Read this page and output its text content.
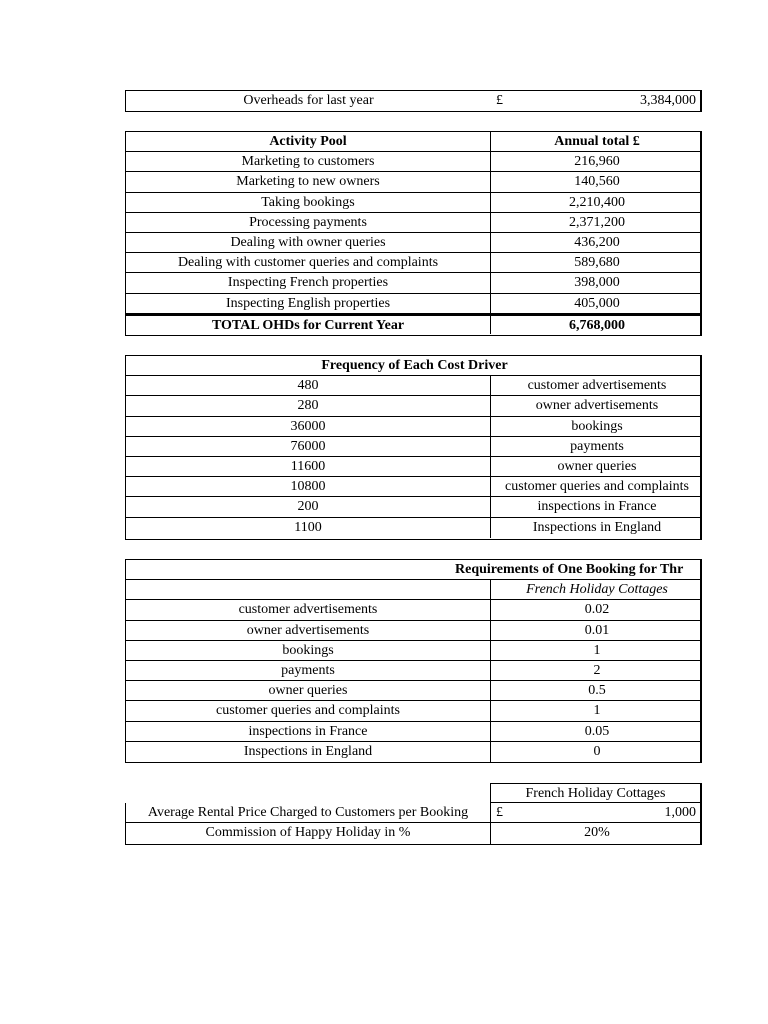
Overheads for last year	£	3,384,000
Activity Pool	Annual total £
Marketing to customers	216,960
Marketing to new owners	140,560
Taking bookings	2,210,400
Processing payments	2,371,200
Dealing with owner queries	436,200
Dealing with customer queries and complaints	589,680
Inspecting French properties	398,000
Inspecting English properties	405,000
TOTAL OHDs for Current Year	6,768,000
Frequency of Each Cost Driver
480	customer advertisements
280	owner advertisements
36000	bookings
76000	payments
11600	owner queries
10800	customer queries and complaints
200	inspections in France
1100	Inspections in England
Requirements of One Booking for Thr
French Holiday Cottages
customer advertisements	0.02
owner advertisements	0.01
bookings	1
payments	2
owner queries	0.5
customer queries and complaints	1
inspections in France	0.05
Inspections in England	0
French Holiday Cottages
Average Rental Price Charged to Customers per Booking	£	1,000
Commission of Happy Holiday in %	20%
